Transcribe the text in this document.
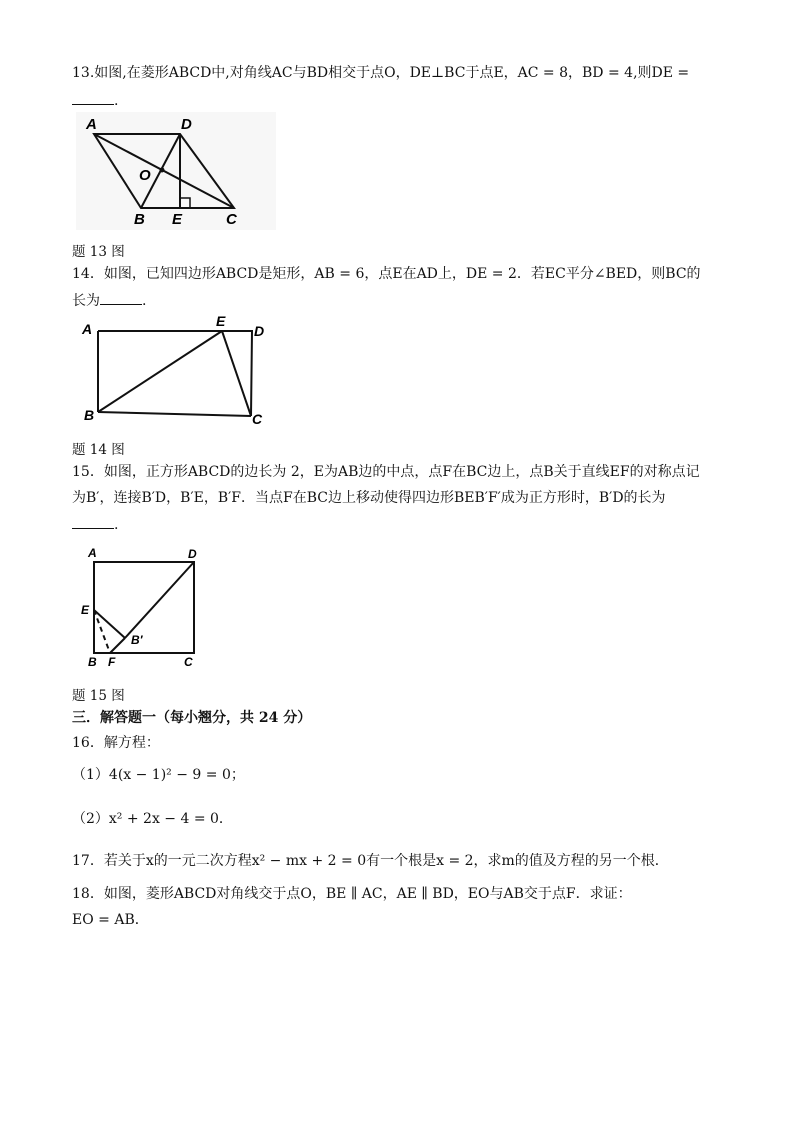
13.如图,在菱形ABCD中,对角线AC与BD相交于点O，DE⊥BC于点E，AC = 8，BD = 4,则DE =
.
A	D
O
B E	C
题 13 图
14．如图，已知四边形ABCD是矩形，AB = 6，点E在AD上，DE = 2．若EC平分∠BED，则BC的
长为	.
A	E
D
B	C
题 14 图
15．如图，正方形ABCD的边长为 2，E为AB边的中点，点F在BC边上，点B关于直线EF的对称点记
为B′，连接B′D，B′E，B′F．当点F在BC边上移动使得四边形BEB′F′成为正方形时，B′D的长为
.
A	D
E
B′
B F	C
题 15 图
三．解答题一（每小翘分，共 24 分）
16．解方程：
（1）4(x − 1)² − 9 = 0；
（2）x² + 2x − 4 = 0．
17．若关于x的一元二次方程x² − mx + 2 = 0有一个根是x = 2，求m的值及方程的另一个根．
18．如图，菱形ABCD对角线交于点O，BE ∥ AC，AE ∥ BD，EO与AB交于点F．求证：
EO = AB．
